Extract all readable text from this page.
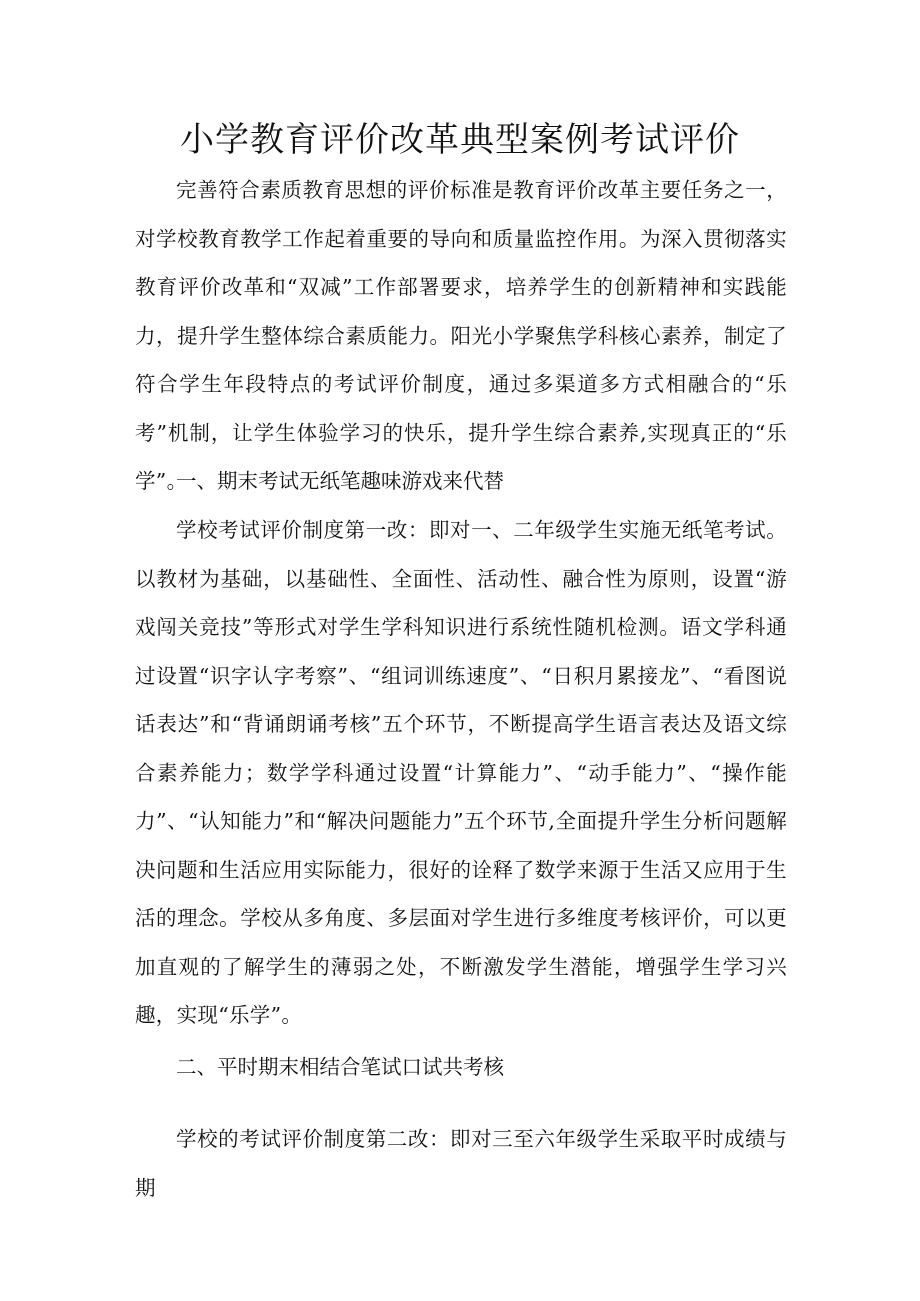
小学教育评价改革典型案例考试评价

完善符合素质教育思想的评价标准是教育评价改革主要任务之一，对学校教育教学工作起着重要的导向和质量监控作用。为深入贯彻落实教育评价改革和“双减”工作部署要求，培养学生的创新精神和实践能力，提升学生整体综合素质能力。阳光小学聚焦学科核心素养，制定了符合学生年段特点的考试评价制度，通过多渠道多方式相融合的“乐考”机制，让学生体验学习的快乐，提升学生综合素养,实现真正的“乐学”。

一、期末考试无纸笔趣味游戏来代替

学校考试评价制度第一改：即对一、二年级学生实施无纸笔考试。以教材为基础，以基础性、全面性、活动性、融合性为原则，设置“游戏闯关竞技”等形式对学生学科知识进行系统性随机检测。语文学科通过设置“识字认字考察”、“组词训练速度”、“日积月累接龙”、“看图说话表达”和“背诵朗诵考核”五个环节，不断提高学生语言表达及语文综合素养能力；数学学科通过设置“计算能力”、“动手能力”、“操作能力”、“认知能力”和“解决问题能力”五个环节,全面提升学生分析问题解决问题和生活应用实际能力，很好的诠释了数学来源于生活又应用于生活的理念。学校从多角度、多层面对学生进行多维度考核评价，可以更加直观的了解学生的薄弱之处，不断激发学生潜能，增强学生学习兴趣，实现“乐学”。

二、平时期末相结合笔试口试共考核

学校的考试评价制度第二改：即对三至六年级学生采取平时成绩与期
